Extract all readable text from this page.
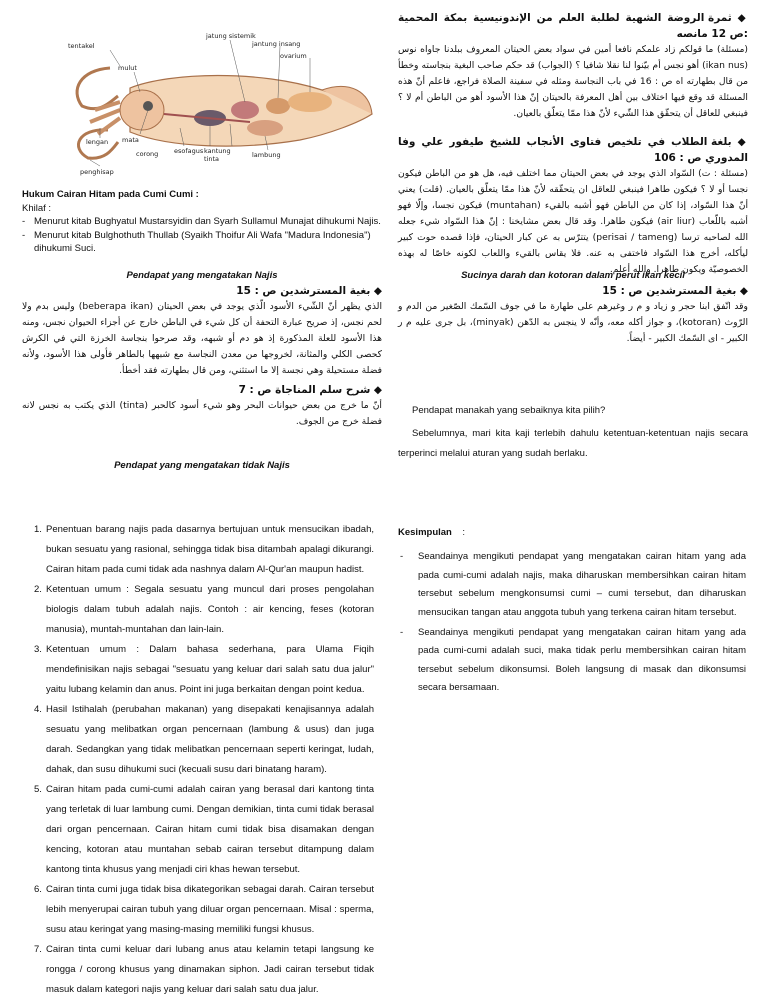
tentakel
mulut
jatung sistemik
jantung insang
ovarium
lengan mata
corong esofagus kantung tinta	lambung
penghisap
Hukum Cairan Hitam pada Cumi Cumi :
Khilaf :
- Menurut kitab Bughyatul Mustarsyidin dan Syarh Sullamul Munajat dihukumi Najis.
- Menurut kitab Bulghothuth Thullab (Syaikh Thoifur Ali Wafa "Madura Indonesia") dihukumi Suci.
Pendapat yang mengatakan Najis
◆ بغية المسترشدين ص : 15
الذي يظهر أنّ الشّيء الأسود الّذي يوجد في بعض الحيتان (beberapa ikan) وليس بدم ولا لحم نجس، إذ صريح عبارة التحفة أن كل شيء في الباطن خارج عن أجزاء الحيوان نجس، ومنه هذا الأسود للعلة المذكورة إذ هو دم أو شبهه، وقد صرحوا بنجاسة الخرزة التي في الكرش كحصى الكلي والمثانة، لخروجها من معدن النجاسة مع شبهها بالطاهر فأولى هذا الأسود، ولأنه فضلة مستحيلة وهي نجسة إلا ما استثني، ومن قال بطهارته فقد أخطأ.
◆ شرح سلم المناجاة ص : 7
أنّ ما خرج من بعض حيوانات البحر وهو شيء أسود كالحبر (tinta) الذي يكتب به نجس لانه فضلة خرج من الجوف.
Pendapat yang mengatakan tidak Najis
◆ ثمرة الروضة الشهية لطلبة العلم من الإندونيسية بمكة المحمية :ص 12 مانصه
(مسئلة) ما قولكم زاد علمكم نافعا أمين في سواد بعض الحيتان المعروف ببلدنا جاواه نوس (ikan nus) أهو نجس أم بيّنوا لنا نقلا شافيا ؟ (الجواب) قد حكم صاحب البغية بنجاسته وخطأ من قال بطهارته اه ص : 16 في باب النجاسة ومثله في سفينة الصلاة فراجع، فاعلم أنّ هذه المسئلة قد وقع فيها اختلاف بين أهل المعرفة بالحيتان إنّ هذا الأسود أهو من الباطن أم لا ؟ فينبغي للعاقل أن يتحقّق هذا الشّيء لأنّ هذا ممّا يتعلّق بالعيان.
◆ بلغة الطلاب في تلخيص فتاوى الأنجاب للشيخ طيفور علي وفا المدوري ص : 106
(مسئلة : ت) السّواد الذي يوجد في بعض الحيتان مما اختلف فيه، هل هو من الباطن فيكون نجسا أو لا ؟ فيكون طاهرا فينبغي للعاقل ان يتحقّقه لأنّ هذا ممّا يتعلّق بالعيان. (قلت) يعني أنّ هذا السّواد، إذا كان من الباطن فهو أشبه بالقيء (muntahan) فيكون نجسا، وإلّا فهو أشبه باللّعاب (air liur) فيكون طاهرا. وقد قال بعض مشايخنا : إنّ هذا السّواد شيء جعله الله لصاحبه ترسا (perisai / tameng) يتترّس به عن كبار الحيتان، فإذا قصده حوت كبير ليأكله، أخرج هذا السّواد فاختفى به عنه. فلا يقاس بالقيء واللعاب لكونه خاصّا له بهذه الخصوصيّة ويكون طاهرا. والله أعلم.
Sucinya darah dan kotoran dalam perut ikan kecil
◆ بغية المسترشدين ص : 15
وقد اتّفق ابنا حجر و زياد و م ر وغيرهم على طهارة ما في جوف السّمك الصّغير من الدم و الرّوث (kotoran)، و جواز أكله معه، وأنّه لا ينجس به الدّهن (minyak)، بل جرى عليه م ر الكبير - اى السّمك الكبير - أيضاً.
Pendapat manakah yang sebaiknya kita pilih?
Sebelumnya, mari kita kaji terlebih dahulu ketentuan-ketentuan najis secara terperinci melalui aturan yang sudah berlaku.
1. Penentuan barang najis pada dasarnya bertujuan untuk mensucikan ibadah, bukan sesuatu yang rasional, sehingga tidak bisa ditambah apalagi dikurangi. Cairan hitam pada cumi tidak ada nashnya dalam Al-Qur'an maupun hadist.
2. Ketentuan umum : Segala sesuatu yang muncul dari proses pengolahan biologis dalam tubuh adalah najis. Contoh : air kencing, feses (kotoran manusia), muntah-muntahan dan lain-lain.
3. Ketentuan umum : Dalam bahasa sederhana, para Ulama Fiqih mendefinisikan najis sebagai "sesuatu yang keluar dari salah satu dua jalur" yaitu lubang kelamin dan anus. Point ini juga berkaitan dengan point kedua.
4. Hasil Istihalah (perubahan makanan) yang disepakati kenajisannya adalah sesuatu yang melibatkan organ pencernaan (lambung & usus) dan juga darah. Sedangkan yang tidak melibatkan pencernaan seperti keringat, ludah, dahak, dan susu dihukumi suci (kecuali susu dari binatang haram).
5. Cairan hitam pada cumi-cumi adalah cairan yang berasal dari kantong tinta yang terletak di luar lambung cumi. Dengan demikian, tinta cumi tidak berasal dari organ pencernaan. Cairan hitam cumi tidak bisa disamakan dengan kencing, kotoran atau muntahan sebab cairan tersebut ditampung dalam kantong tinta khusus yang menjadi ciri khas hewan tersebut.
6. Cairan tinta cumi juga tidak bisa dikategorikan sebagai darah. Cairan tersebut lebih menyerupai cairan tubuh yang diluar organ pencernaan. Misal : sperma, susu atau keringat yang masing-masing memiliki fungsi khusus.
7. Cairan tinta cumi keluar dari lubang anus atau kelamin tetapi langsung ke rongga / corong khusus yang dinamakan siphon. Jadi cairan tersebut tidak masuk dalam kategori najis yang keluar dari salah satu dua jalur.

Kesimpulan :

- Seandainya mengikuti pendapat yang mengatakan cairan hitam yang ada pada cumi-cumi adalah najis, maka diharuskan membersihkan cairan hitam tersebut sebelum mengkonsumsi cumi – cumi tersebut, dan diharuskan mensucikan tangan atau anggota tubuh yang terkena cairan hitam tersebut.

- Seandainya mengikuti pendapat yang mengatakan cairan hitam yang ada pada cumi-cumi adalah suci, maka tidak perlu membersihkan cairan hitam tersebut sebelum dikonsumsi. Boleh langsung di masak dan dikonsumsi secara bersamaan.
